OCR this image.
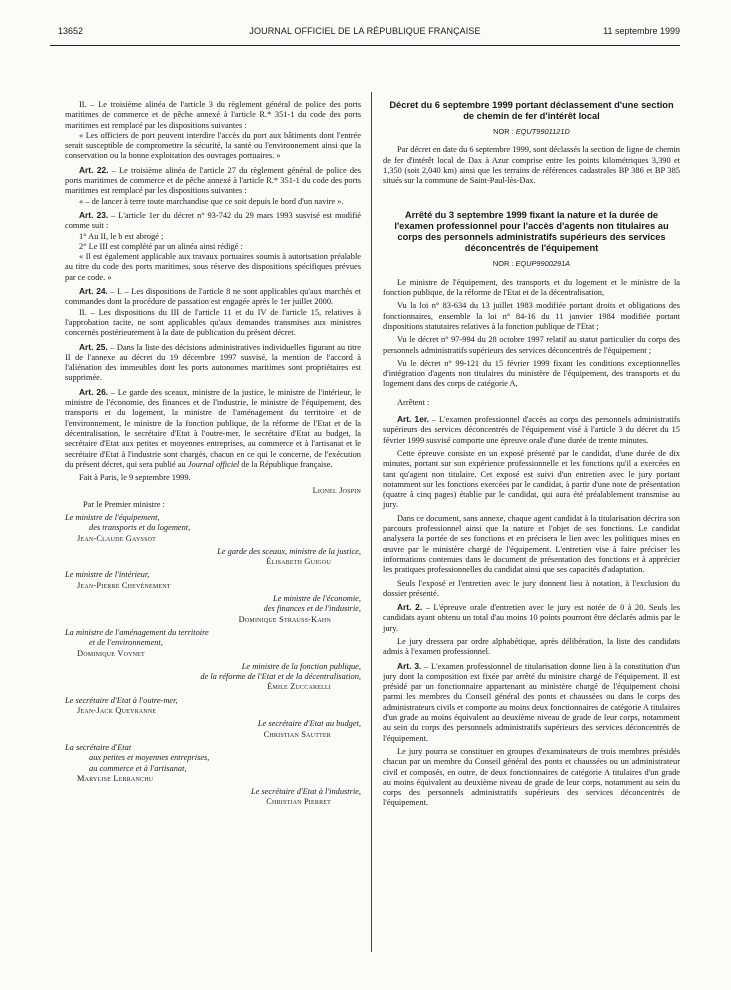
13652	JOURNAL OFFICIEL DE LA RÉPUBLIQUE FRANÇAISE	11 septembre 1999

II. – Le troisième alinéa de l'article 3 du règlement général de police des ports maritimes de commerce et de pêche annexé à l'article R.* 351-1 du code des ports maritimes est remplacé par les dispositions suivantes :

« Les officiers de port peuvent interdire l'accès du port aux bâtiments dont l'entrée serait susceptible de compromettre la sécurité, la santé ou l'environnement ainsi que la conservation ou la bonne exploitation des ouvrages portuaires. »

Art. 22. – Le troisième alinéa de l'article 27 du règlement général de police des ports maritimes de commerce et de pêche annexé à l'article R.* 351-1 du code des ports maritimes est remplacé par les dispositions suivantes :

« – de lancer à terre toute marchandise que ce soit depuis le bord d'un navire ».

Art. 23. – L'article 1er du décret n° 93-742 du 29 mars 1993 susvisé est modifié comme suit :

1° Au II, le b est abrogé ;

2° Le III est complété par un alinéa ainsi rédigé :

« Il est également applicable aux travaux portuaires soumis à autorisation préalable au titre du code des ports maritimes, sous réserve des dispositions spécifiques prévues par ce code. »

Art. 24. – I. – Les dispositions de l'article 8 ne sont applicables qu'aux marchés et commandes dont la procédure de passation est engagée après le 1er juillet 2000.

II. – Les dispositions du III de l'article 11 et du IV de l'article 15, relatives à l'approbation tacite, ne sont applicables qu'aux demandes transmises aux ministres concernés postérieurement à la date de publication du présent décret.

Art. 25. – Dans la liste des décisions administratives individuelles figurant au titre II de l'annexe au décret du 19 décembre 1997 susvisé, la mention de l'accord à l'aliénation des immeubles dont les ports autonomes maritimes sont propriétaires est supprimée.

Art. 26. – Le garde des sceaux, ministre de la justice, le ministre de l'intérieur, le ministre de l'économie, des finances et de l'industrie, le ministre de l'équipement, des transports et du logement, la ministre de l'aménagement du territoire et de l'environnement, le ministre de la fonction publique, de la réforme de l'Etat et de la décentralisation, le secrétaire d'Etat à l'outre-mer, le secrétaire d'Etat au budget, la secrétaire d'Etat aux petites et moyennes entreprises, au commerce et à l'artisanat et le secrétaire d'Etat à l'industrie sont chargés, chacun en ce qui le concerne, de l'exécution du présent décret, qui sera publié au Journal officiel de la République française.

Fait à Paris, le 9 septembre 1999.

Lionel Jospin
Par le Premier ministre :
Le ministre de l'équipement,
des transports et du logement,
Jean-Claude Gayssot
Le garde des sceaux, ministre de la justice,
Élisabeth Guigou
Le ministre de l'intérieur,
Jean-Pierre Chevènement
Le ministre de l'économie,
des finances et de l'industrie,
Dominique Strauss-Kahn
La ministre de l'aménagement du territoire
et de l'environnement,
Dominique Voynet
Le ministre de la fonction publique,
de la réforme de l'Etat et de la décentralisation,
Émile Zuccarelli
Le secrétaire d'Etat à l'outre-mer,
Jean-Jack Queyranne
Le secrétaire d'Etat au budget,
Christian Sautter
La secrétaire d'Etat
aux petites et moyennes entreprises,
au commerce et à l'artisanat,
Marylise Lebranchu
Le secrétaire d'Etat à l'industrie,
Christian Pierret
Décret du 6 septembre 1999 portant déclassement d'une section de chemin de fer d'intérêt local
NOR : EQUT9901121D

Par décret en date du 6 septembre 1999, sont déclassés la section de ligne de chemin de fer d'intérêt local de Dax à Azur comprise entre les points kilométriques 3,390 et 1,350 (soit 2,040 km) ainsi que les terrains de références cadastrales BP 386 et BP 385 situés sur la commune de Saint-Paul-lès-Dax.

Arrêté du 3 septembre 1999 fixant la nature et la durée de l'examen professionnel pour l'accès d'agents non titulaires au corps des personnels administratifs supérieurs des services déconcentrés de l'équipement
NOR : EQUP9900291A

Le ministre de l'équipement, des transports et du logement et le ministre de la fonction publique, de la réforme de l'Etat et de la décentralisation,

Vu la loi n° 83-634 du 13 juillet 1983 modifiée portant droits et obligations des fonctionnaires, ensemble la loi n° 84-16 du 11 janvier 1984 modifiée portant dispositions statutaires relatives à la fonction publique de l'Etat ;

Vu le décret n° 97-994 du 28 octobre 1997 relatif au statut particulier du corps des personnels administratifs supérieurs des services déconcentrés de l'équipement ;

Vu le décret n° 99-121 du 15 février 1999 fixant les conditions exceptionnelles d'intégration d'agents non titulaires du ministère de l'équipement, des transports et du logement dans des corps de catégorie A,

Arrêtent :

Art. 1er. – L'examen professionnel d'accès au corps des personnels administratifs supérieurs des services déconcentrés de l'équipement visé à l'article 3 du décret du 15 février 1999 susvisé comporte une épreuve orale d'une durée de trente minutes.

Cette épreuve consiste en un exposé présenté par le candidat, d'une durée de dix minutes, portant sur son expérience professionnelle et les fonctions qu'il a exercées en tant qu'agent non titulaire. Cet exposé est suivi d'un entretien avec le jury portant notamment sur les fonctions exercées par le candidat, à partir d'une note de présentation (quatre à cinq pages) établie par le candidat, qui aura été préalablement transmise au jury.

Dans ce document, sans annexe, chaque agent candidat à la titularisation décrira son parcours professionnel ainsi que la nature et l'objet de ses fonctions. Le candidat analysera la portée de ses fonctions et en précisera le lien avec les politiques mises en œuvre par le ministère chargé de l'équipement. L'entretien vise à faire préciser les informations contenues dans le document de présentation des fonctions et à apprécier les pratiques professionnelles du candidat ainsi que ses capacités d'adaptation.

Seuls l'exposé et l'entretien avec le jury donnent lieu à notation, à l'exclusion du dossier présenté.

Art. 2. – L'épreuve orale d'entretien avec le jury est notée de 0 à 20. Seuls les candidats ayant obtenu un total d'au moins 10 points pourront être déclarés admis par le jury.

Le jury dressera par ordre alphabétique, après délibération, la liste des candidats admis à l'examen professionnel.

Art. 3. – L'examen professionnel de titularisation donne lieu à la constitution d'un jury dont la composition est fixée par arrêté du ministre chargé de l'équipement. Il est présidé par un fonctionnaire appartenant au ministère chargé de l'équipement choisi parmi les membres du Conseil général des ponts et chaussées ou dans le corps des administrateurs civils et comporte au moins deux fonctionnaires de catégorie A titulaires d'un grade au moins équivalent au deuxième niveau de grade de leur corps, notamment au sein du corps des personnels administratifs supérieurs des services déconcentrés de l'équipement.

Le jury pourra se constituer en groupes d'examinateurs de trois membres présidés chacun par un membre du Conseil général des ponts et chaussées ou un administrateur civil et composés, en outre, de deux fonctionnaires de catégorie A titulaires d'un grade au moins équivalent au deuxième niveau de grade de leur corps, notamment au sein du corps des personnels administratifs supérieurs des services déconcentrés de l'équipement.
